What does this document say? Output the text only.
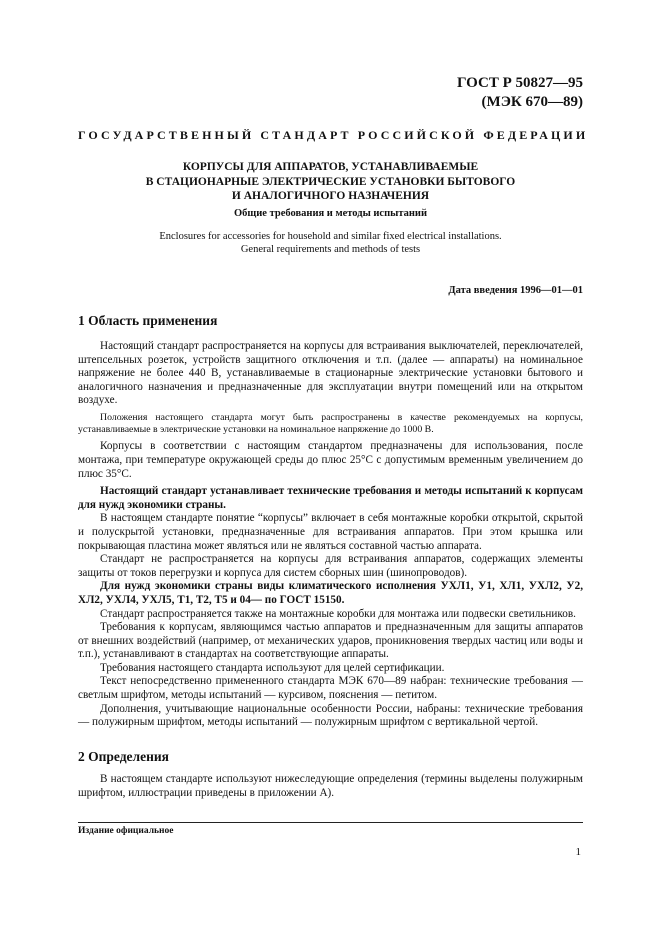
ГОСТ Р 50827—95
(МЭК 670—89)
ГОСУДАРСТВЕННЫЙ СТАНДАРТ РОССИЙСКОЙ ФЕДЕРАЦИИ
КОРПУСЫ ДЛЯ АППАРАТОВ, УСТАНАВЛИВАЕМЫЕ
В СТАЦИОНАРНЫЕ ЭЛЕКТРИЧЕСКИЕ УСТАНОВКИ БЫТОВОГО
И АНАЛОГИЧНОГО НАЗНАЧЕНИЯ
Общие требования и методы испытаний
Enclosures for accessories for household and similar fixed electrical installations.
General requirements and methods of tests
Дата введения 1996—01—01
1 Область применения

Настоящий стандарт распространяется на корпусы для встраивания выключателей, переключателей, штепсельных розеток, устройств защитного отключения и т.п. (далее — аппараты) на номинальное напряжение не более 440 В, устанавливаемые в стационарные электрические установки бытового и аналогичного назначения и предназначенные для эксплуатации внутри помещений или на открытом воздухе.

Положения настоящего стандарта могут быть распространены в качестве рекомендуемых на корпусы, устанавливаемые в электрические установки на номинальное напряжение до 1000 В.

Корпусы в соответствии с настоящим стандартом предназначены для использования, после монтажа, при температуре окружающей среды до плюс 25°С с допустимым временным увеличением до плюс 35°С.

Настоящий стандарт устанавливает технические требования и методы испытаний к корпусам для нужд экономики страны.

В настоящем стандарте понятие “корпусы” включает в себя монтажные коробки открытой, скрытой и полускрытой установки, предназначенные для встраивания аппаратов. При этом крышка или покрывающая пластина может являться или не являться составной частью аппарата.

Стандарт не распространяется на корпусы для встраивания аппаратов, содержащих элементы защиты от токов перегрузки и корпуса для систем сборных шин (шинопроводов).

Для нужд экономики страны виды климатического исполнения УХЛ1, У1, ХЛ1, УХЛ2, У2, ХЛ2, УХЛ4, УХЛ5, Т1, Т2, Т5 и 04— по ГОСТ 15150.

Стандарт распространяется также на монтажные коробки для монтажа или подвески светильников.

Требования к корпусам, являющимся частью аппаратов и предназначенным для защиты аппаратов от внешних воздействий (например, от механических ударов, проникновения твердых частиц или воды и т.п.), устанавливают в стандартах на соответствующие аппараты.

Требования настоящего стандарта используют для целей сертификации.

Текст непосредственно примененного стандарта МЭК 670—89 набран: технические требования — светлым шрифтом, методы испытаний — курсивом, пояснения — петитом.

Дополнения, учитывающие национальные особенности России, набраны: технические требования — полужирным шрифтом, методы испытаний — полужирным шрифтом с вертикальной чертой.

2 Определения

В настоящем стандарте используют нижеследующие определения (термины выделены полужирным шрифтом, иллюстрации приведены в приложении А).

Издание официальное
1
